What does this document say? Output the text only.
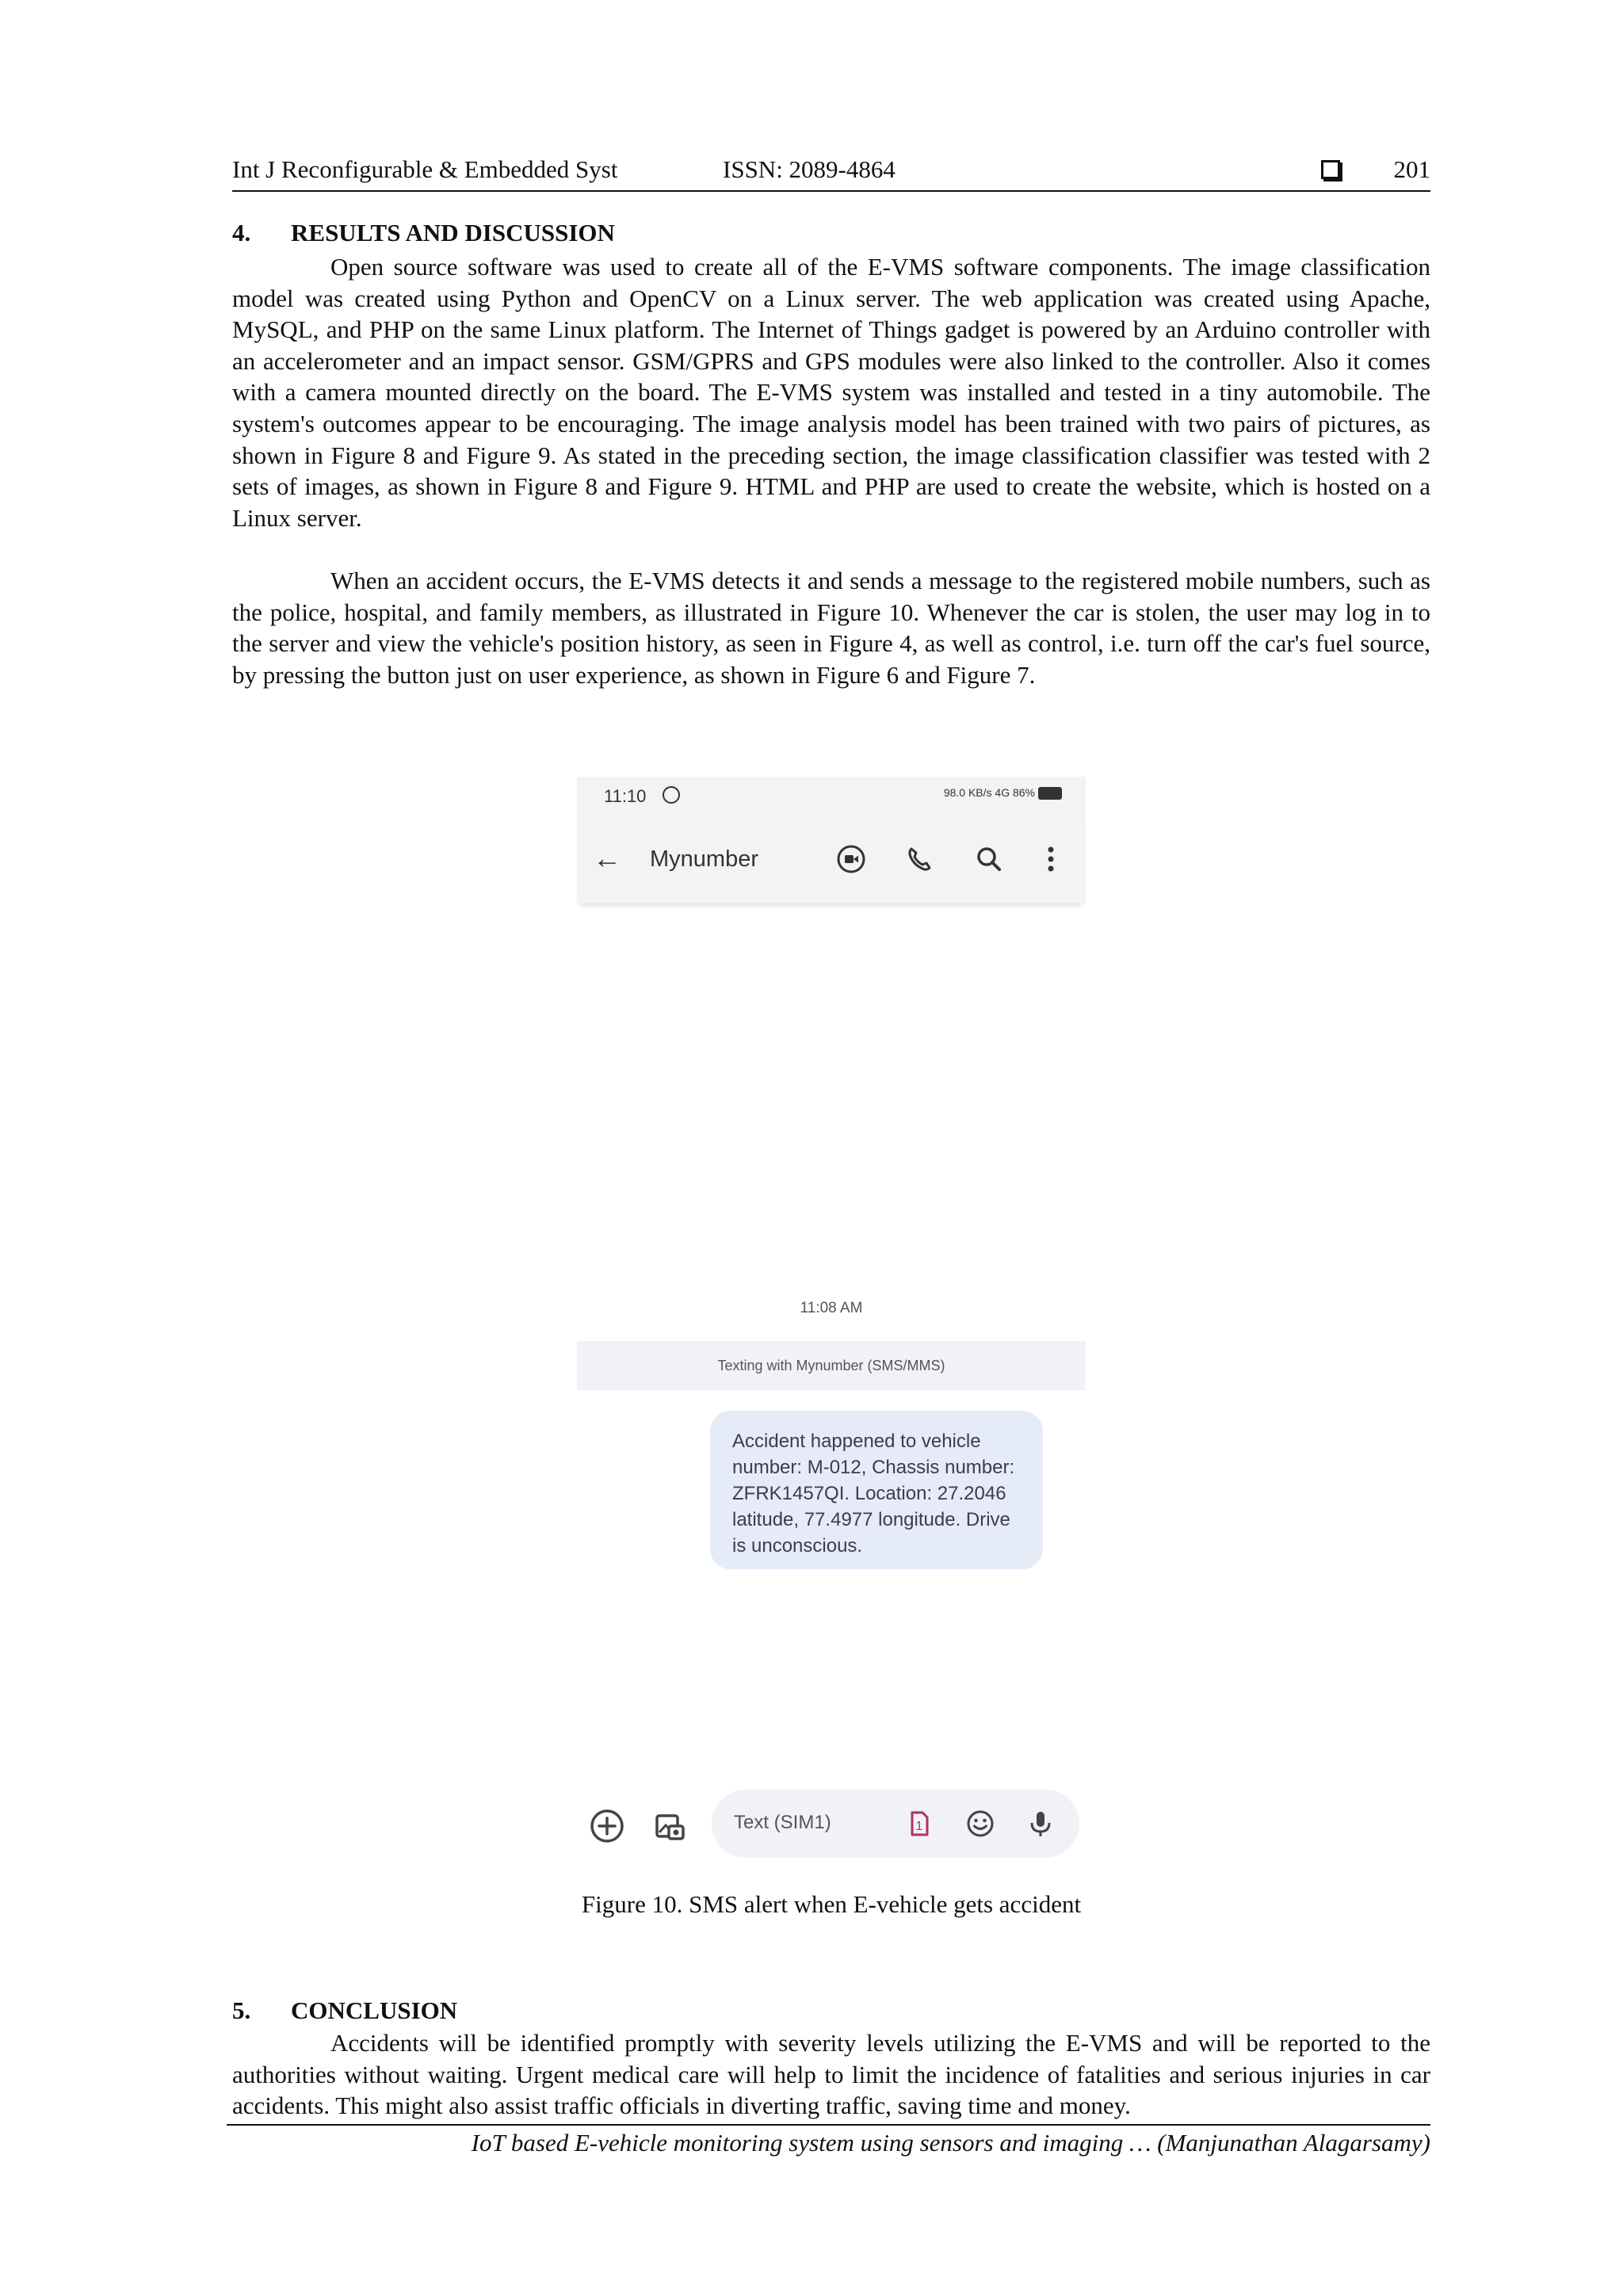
Int J Reconfigurable & Embedded Syst	ISSN: 2089-4864	201
4. RESULTS AND DISCUSSION

Open source software was used to create all of the E-VMS software components. The image classification model was created using Python and OpenCV on a Linux server. The web application was created using Apache, MySQL, and PHP on the same Linux platform. The Internet of Things gadget is powered by an Arduino controller with an accelerometer and an impact sensor. GSM/GPRS and GPS modules were also linked to the controller. Also it comes with a camera mounted directly on the board. The E-VMS system was installed and tested in a tiny automobile. The system's outcomes appear to be encouraging. The image analysis model has been trained with two pairs of pictures, as shown in Figure 8 and Figure 9. As stated in the preceding section, the image classification classifier was tested with 2 sets of images, as shown in Figure 8 and Figure 9. HTML and PHP are used to create the website, which is hosted on a Linux server.

When an accident occurs, the E-VMS detects it and sends a message to the registered mobile numbers, such as the police, hospital, and family members, as illustrated in Figure 10. Whenever the car is stolen, the user may log in to the server and view the vehicle's position history, as seen in Figure 4, as well as control, i.e. turn off the car's fuel source, by pressing the button just on user experience, as shown in Figure 6 and Figure 7.

11:10	98.0 KB/s 4G 86%
← Mynumber
11:08 AM
Texting with Mynumber (SMS/MMS)
Accident happened to vehicle number: M-012, Chassis number: ZFRK1457QI. Location: 27.2046 latitude, 77.4977 longitude. Drive is unconscious.
Text (SIM1)	1
Figure 10. SMS alert when E-vehicle gets accident
5. CONCLUSION

Accidents will be identified promptly with severity levels utilizing the E-VMS and will be reported to the authorities without waiting. Urgent medical care will help to limit the incidence of fatalities and serious injuries in car accidents. This might also assist traffic officials in diverting traffic, saving time and money.

IoT based E-vehicle monitoring system using sensors and imaging … (Manjunathan Alagarsamy)
